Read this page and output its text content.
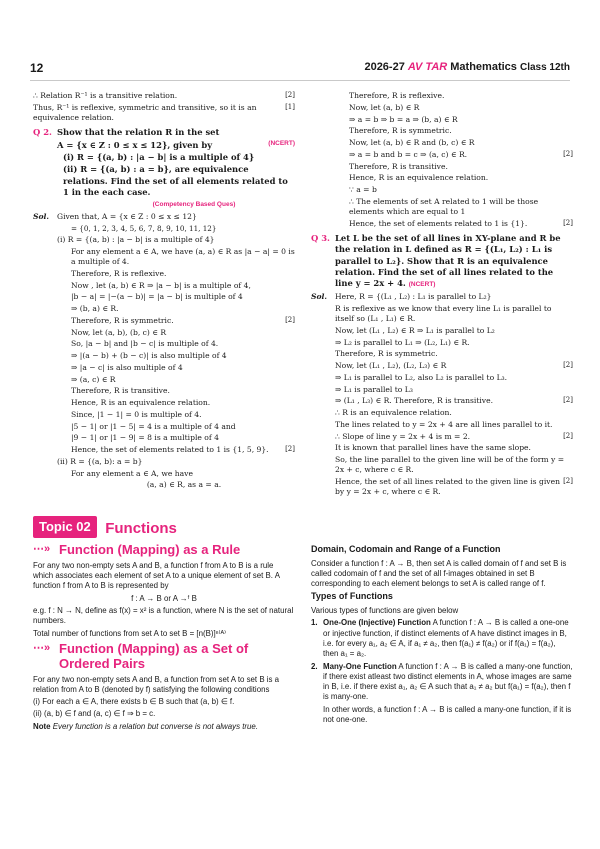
12	2026-27 AV TAR Mathematics Class 12th
[2]
∴ Relation R⁻¹ is a transitive relation.
[1]
Thus, R⁻¹ is reflexive, symmetric and transitive, so it is an equivalence relation.
Q 2. Show that the relation R in the set
A = {x ∈ Z : 0 ≤ x ≤ 12}, given by	(NCERT)
(i) R = {(a, b) : |a − b| is a multiple of 4}
(ii) R = {(a, b) : a = b}, are equivalence relations. Find the set of all elements related to 1 in the each case.
(Competency Based Ques)
Sol. Given that, A = {x ∈ Z : 0 ≤ x ≤ 12}
= {0, 1, 2, 3, 4, 5, 6, 7, 8, 9, 10, 11, 12}
(i) R = {(a, b) : |a − b| is a multiple of 4}
For any element a ∈ A, we have (a, a) ∈ R as |a − a| = 0 is a multiple of 4.
Therefore, R is reflexive.
Now , let (a, b) ∈ R ⇒ |a − b| is a multiple of 4,
|b − a| = |−(a − b)| = |a − b| is multiple of 4
⇒ (b, a) ∈ R.
[2]
Therefore, R is symmetric.
Now, let (a, b), (b, c) ∈ R
So, |a − b| and |b − c| is multiple of 4.
⇒ |(a − b) + (b − c)| is also multiple of 4
⇒ |a − c| is also multiple of 4
⇒ (a, c) ∈ R
Therefore, R is transitive.
Hence, R is an equivalence relation.
Since, |1 − 1| = 0 is multiple of 4.
|5 − 1| or |1 − 5| = 4 is a multiple of 4 and
|9 − 1| or |1 − 9| = 8 is a multiple of 4
[2]
Hence, the set of elements related to 1 is {1, 5, 9}.
(ii) R = {(a, b): a = b}
For any element a ∈ A, we have
(a, a) ∈ R, as a = a.
Therefore, R is reflexive.
Now, let (a, b) ∈ R
⇒ a = b ⇒ b = a ⇒ (b, a) ∈ R
Therefore, R is symmetric.
Now, let (a, b) ∈ R and (b, c) ∈ R
[2]
⇒ a = b and b = c ⇒ (a, c) ∈ R.
Therefore, R is transitive.
Hence, R is an equivalence relation.
∵ a = b
∴ The elements of set A related to 1 will be those elements which are equal to 1
[2]
Hence, the set of elements related to 1 is {1}.
Q 3. Let L be the set of all lines in XY-plane and R be the relation in L defined as R = {(L₁, L₂) : L₁ is parallel to L₂}. Show that R is an equivalence relation. Find the set of all lines related to the line y = 2x + 4. (NCERT)
Sol. Here, R = {(L₁ , L₂) : L₁ is parallel to L₂}
R is reflexive as we know that every line L₁ is parallel to itself so (L₁ , L₁) ∈ R.
Now, let (L₁ , L₂) ∈ R ⇒ L₁ is parallel to L₂
⇒ L₂ is parallel to L₁ ⇒ (L₂, L₁) ∈ R.
Therefore, R is symmetric.
[2]
Now, let (L₁ , L₂), (L₂, L₃) ∈ R
⇒ L₁ is parallel to L₂, also L₂ is parallel to L₃.
⇒ L₁ is parallel to L₃
[2]
⇒ (L₁ , L₃) ∈ R. Therefore, R is transitive.
∴ R is an equivalence relation.
The lines related to y = 2x + 4 are all lines parallel to it.
[2]
∴ Slope of line y = 2x + 4 is m = 2.
It is known that parallel lines have the same slope.
So, the line parallel to the given line will be of the form y = 2x + c, where c ∈ R.
[2]
Hence, the set of all lines related to the given line is given by y = 2x + c, where c ∈ R.
Topic 02 Functions
⋯» Function (Mapping) as a Rule
For any two non-empty sets A and B, a function f from A to B is a rule which associates each element of set A to a unique element of set B. A function f from A to B is represented by
f : A → B or A →ᶠ B
e.g. f : N → N, define as f(x) = x² is a function, where N is the set of natural numbers.
Total number of functions from set A to set B = [n(B)]ⁿ⁽ᴬ⁾
⋯» Function (Mapping) as a Set of Ordered Pairs
For any two non-empty sets A and B, a function from set A to set B is a relation from A to B (denoted by f) satisfying the following conditions
(i) For each a ∈ A, there exists b ∈ B such that (a, b) ∈ f.
(ii) (a, b) ∈ f and (a, c) ∈ f ⇒ b = c.
Note Every function is a relation but converse is not always true.
Domain, Codomain and Range of a Function
Consider a function f : A → B, then set A is called domain of f and set B is called codomain of f and the set of all f-images obtained in set B corresponding to each element belongs to set A is called range of f.
Types of Functions
Various types of functions are given below
1. One-One (Injective) Function A function f : A → B is called a one-one or injective function, if distinct elements of A have distinct images in B, i.e. for every a₁, a₂ ∈ A, if a₁ ≠ a₂, then f(a₁) ≠ f(a₂) or if f(a₁) = f(a₂), then a₁ = a₂.
2. Many-One Function A function f : A → B is called a many-one function, if there exist atleast two distinct elements in A, whose images are same in B, i.e. if there exist a₁, a₂ ∈ A such that a₁ ≠ a₂ but f(a₁) = f(a₂), then f is many-one.
In other words, a function f : A → B is called a many-one function, if it is not one-one.
